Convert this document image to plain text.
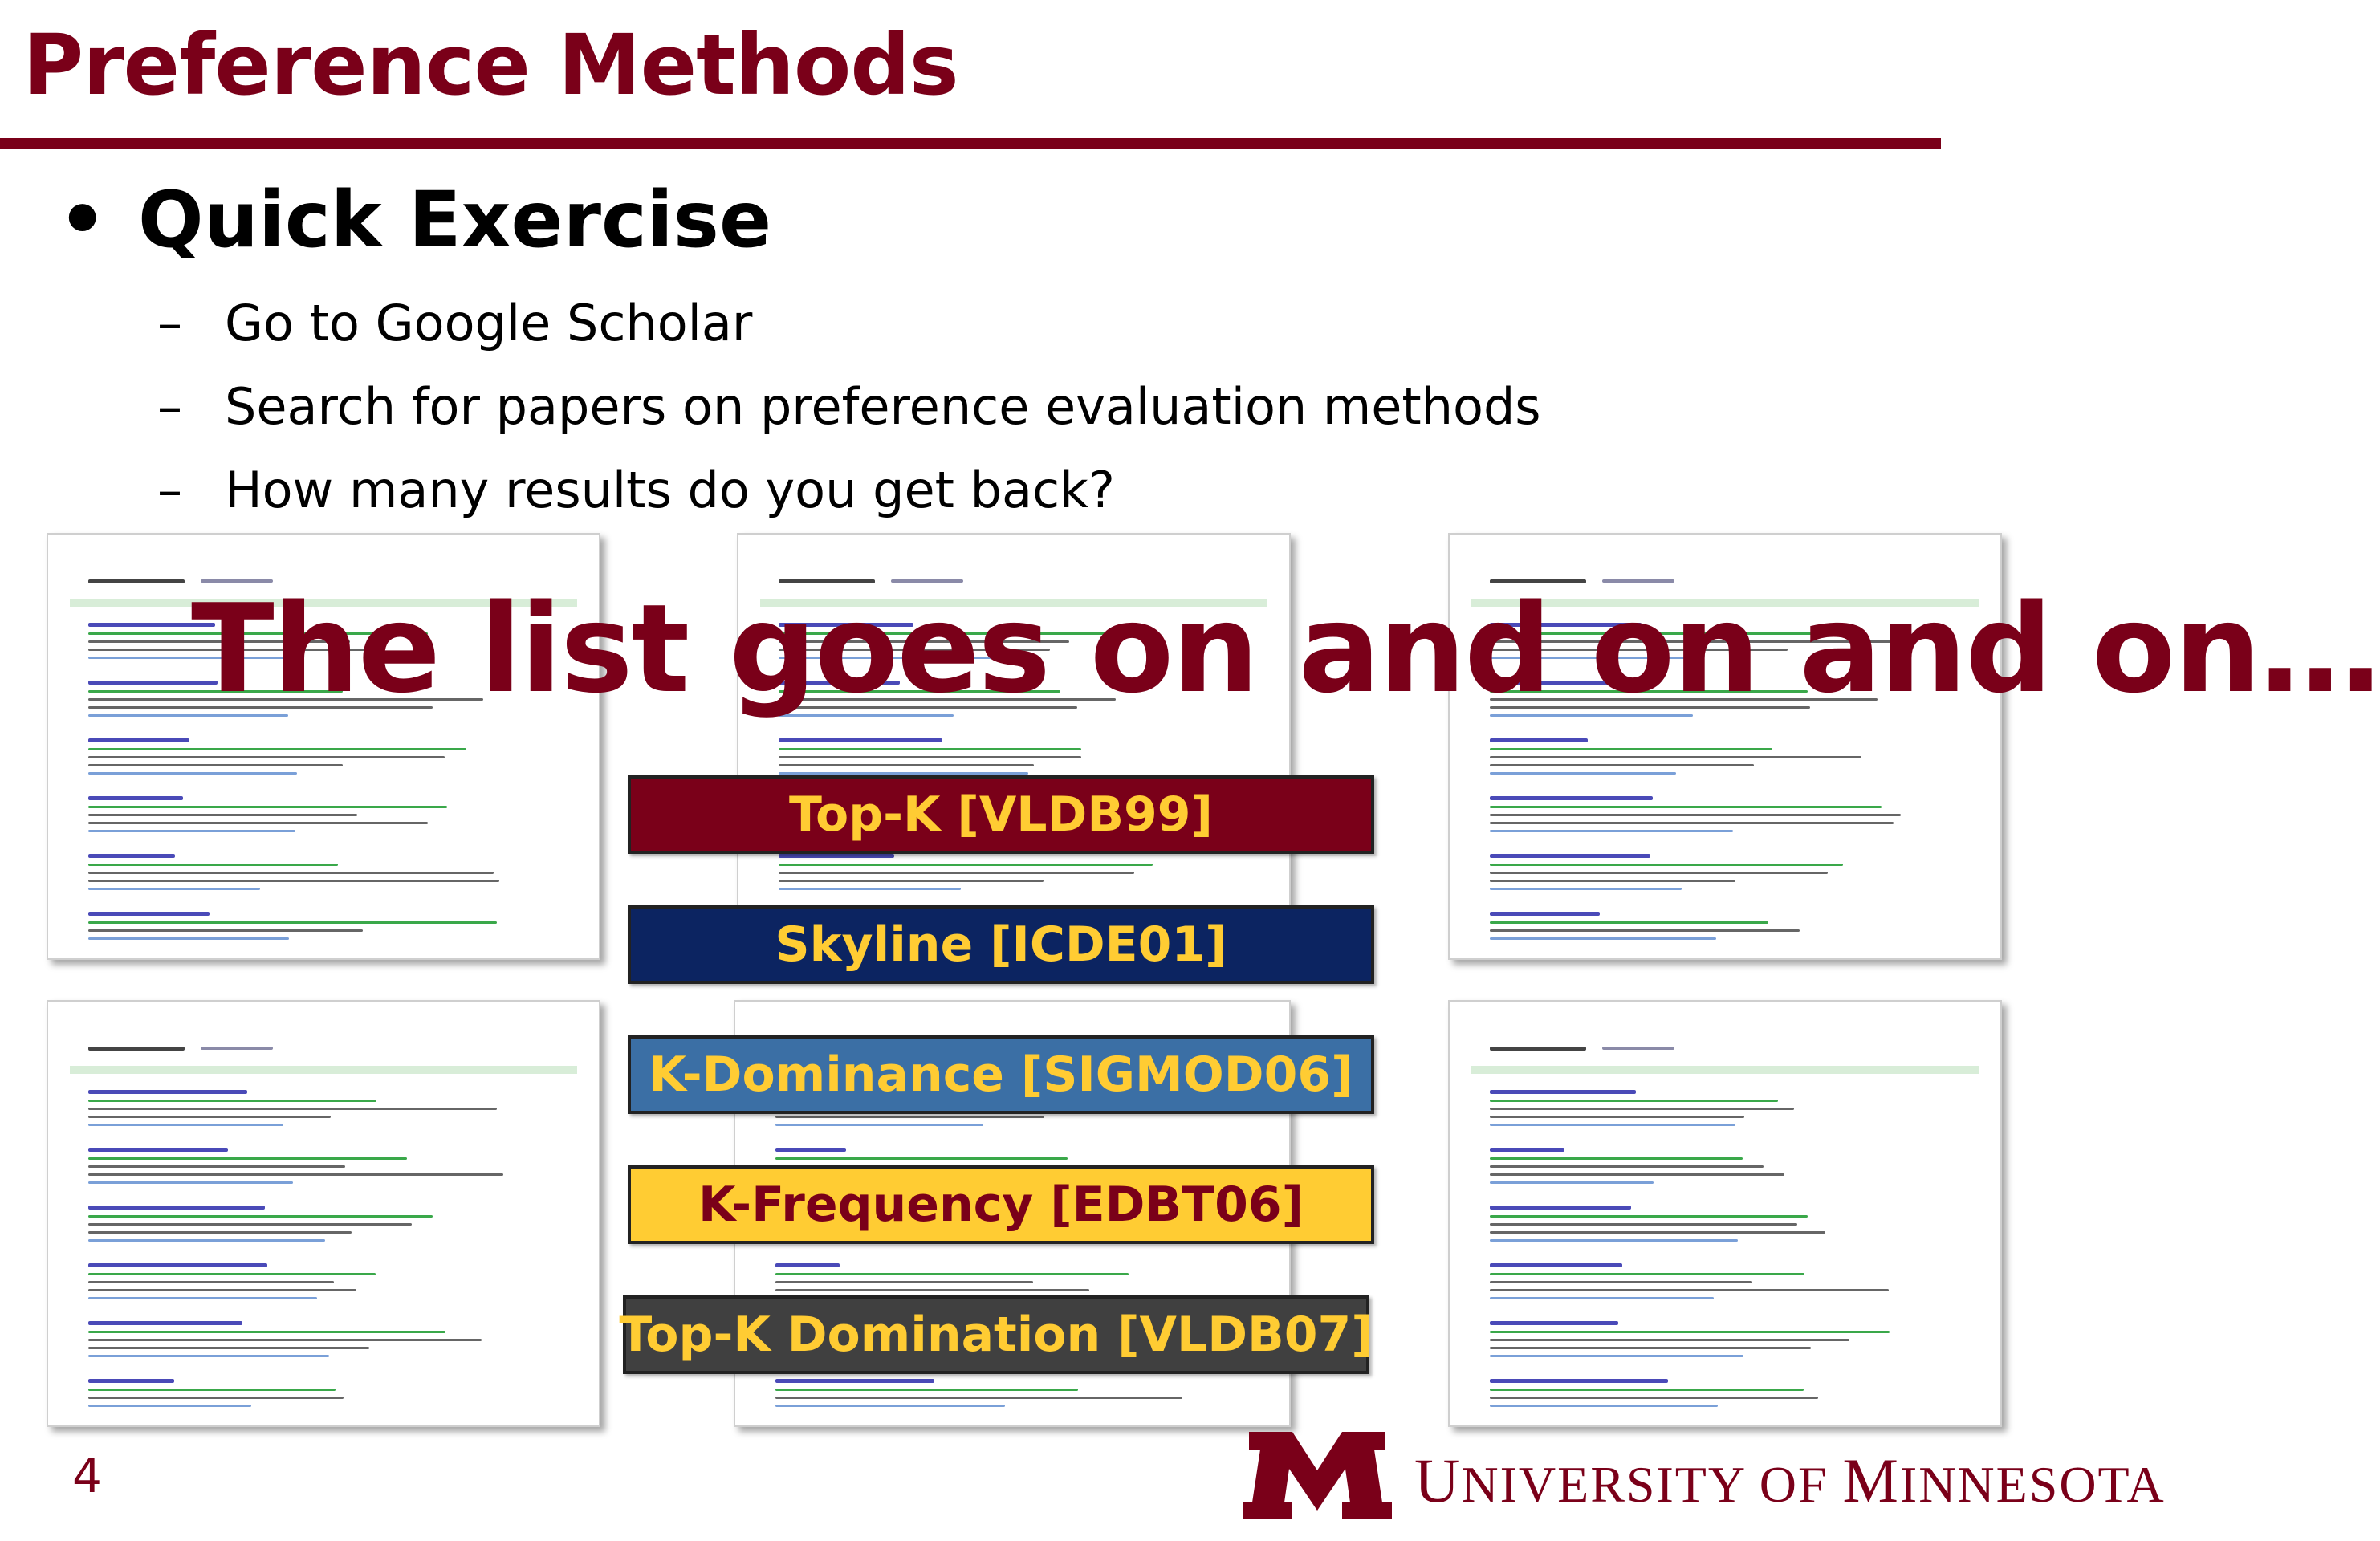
Preference Methods
• Quick Exercise
– Go to Google Scholar
– Search for papers on preference evaluation methods
– How many results do you get back?
The list goes on and on and on…
Top-K [VLDB99]
Skyline [ICDE01]
K-Dominance [SIGMOD06]
K-Frequency [EDBT06]
Top-K Domination [VLDB07]
4	UNIVERSITY OF MINNESOTA
